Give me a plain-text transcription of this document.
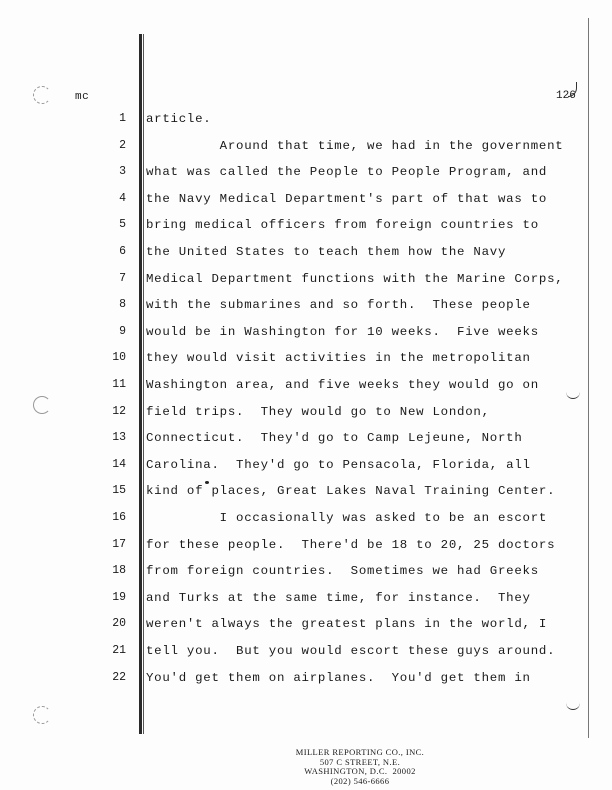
mc	126
1 article.
2 Around that time, we had in the government
3 what was called the People to People Program, and
4 the Navy Medical Department's part of that was to
5 bring medical officers from foreign countries to
6 the United States to teach them how the Navy
7 Medical Department functions with the Marine Corps,
8 with the submarines and so forth.  These people
9 would be in Washington for 10 weeks.  Five weeks
10 they would visit activities in the metropolitan
11 Washington area, and five weeks they would go on
12 field trips.  They would go to New London,
13 Connecticut.  They'd go to Camp Lejeune, North
14 Carolina.  They'd go to Pensacola, Florida, all
15 kind of places, Great Lakes Naval Training Center.
16 I occasionally was asked to be an escort
17 for these people.  There'd be 18 to 20, 25 doctors
18 from foreign countries.  Sometimes we had Greeks
19 and Turks at the same time, for instance.  They
20 weren't always the greatest plans in the world, I
21 tell you.  But you would escort these guys around.
22 You'd get them on airplanes.  You'd get them in
MILLER REPORTING CO., INC.
507 C STREET, N.E.
WASHINGTON, D.C.  20002
(202) 546-6666
